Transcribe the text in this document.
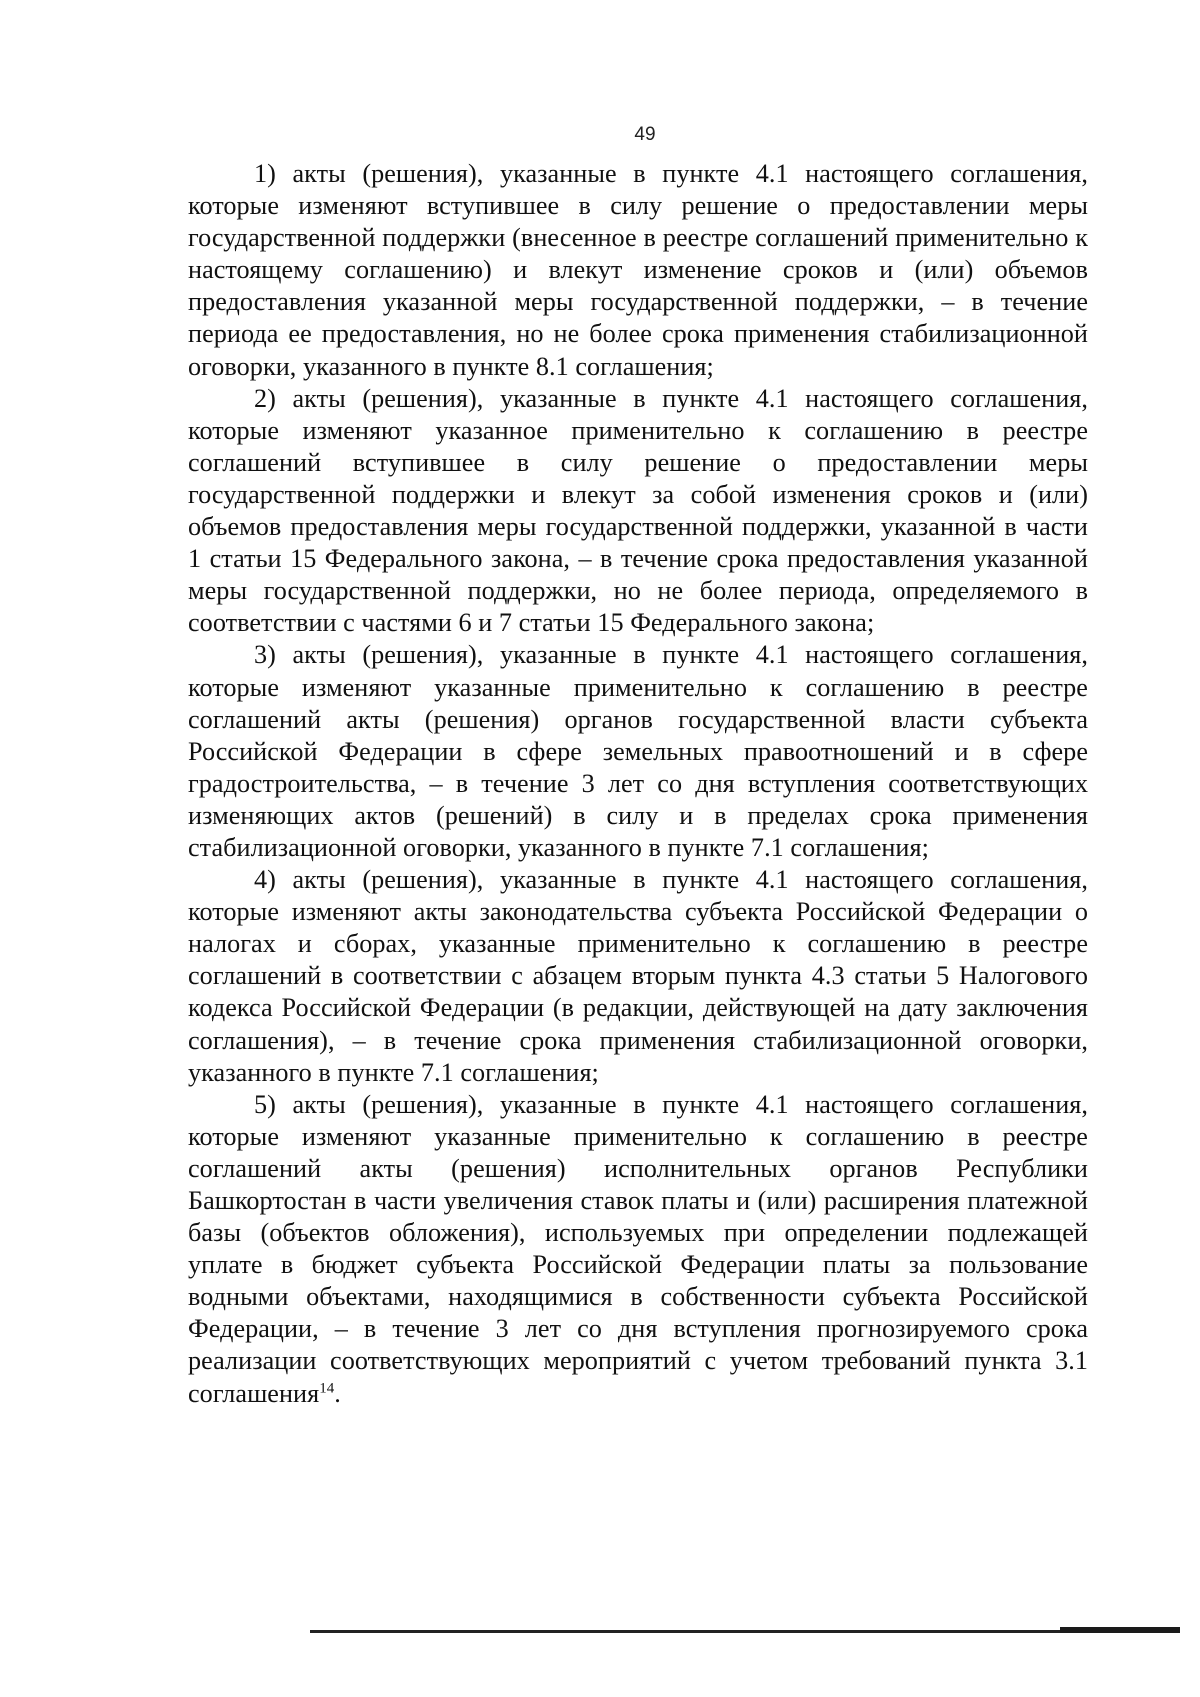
49

1) акты (решения), указанные в пункте 4.1 настоящего соглашения, которые изменяют вступившее в силу решение о предоставлении меры государственной поддержки (внесенное в реестре соглашений применительно к настоящему соглашению) и влекут изменение сроков и (или) объемов предоставления указанной меры государственной поддержки, – в течение периода ее предоставления, но не более срока применения стабилизационной оговорки, указанного в пункте 8.1 соглашения;

2) акты (решения), указанные в пункте 4.1 настоящего соглашения, которые изменяют указанное применительно к соглашению в реестре соглашений вступившее в силу решение о предоставлении меры государственной поддержки и влекут за собой изменения сроков и (или) объемов предоставления меры государственной поддержки, указанной в части 1 статьи 15 Федерального закона, – в течение срока предоставления указанной меры государственной поддержки, но не более периода, определяемого в соответствии с частями 6 и 7 статьи 15 Федерального закона;

3) акты (решения), указанные в пункте 4.1 настоящего соглашения, которые изменяют указанные применительно к соглашению в реестре соглашений акты (решения) органов государственной власти субъекта Российской Федерации в сфере земельных правоотношений и в сфере градостроительства, – в течение 3 лет со дня вступления соответствующих изменяющих актов (решений) в силу и в пределах срока применения стабилизационной оговорки, указанного в пункте 7.1 соглашения;

4) акты (решения), указанные в пункте 4.1 настоящего соглашения, которые изменяют акты законодательства субъекта Российской Федерации о налогах и сборах, указанные применительно к соглашению в реестре соглашений в соответствии с абзацем вторым пункта 4.3 статьи 5 Налогового кодекса Российской Федерации (в редакции, действующей на дату заключения соглашения), – в течение срока применения стабилизационной оговорки, указанного в пункте 7.1 соглашения;

5) акты (решения), указанные в пункте 4.1 настоящего соглашения, которые изменяют указанные применительно к соглашению в реестре соглашений акты (решения) исполнительных органов Республики Башкортостан в части увеличения ставок платы и (или) расширения платежной базы (объектов обложения), используемых при определении подлежащей уплате в бюджет субъекта Российской Федерации платы за пользование водными объектами, находящимися в собственности субъекта Российской Федерации, – в течение 3 лет со дня вступления прогнозируемого срока реализации соответствующих мероприятий с учетом требований пункта 3.1 соглашения$^{14}$.
